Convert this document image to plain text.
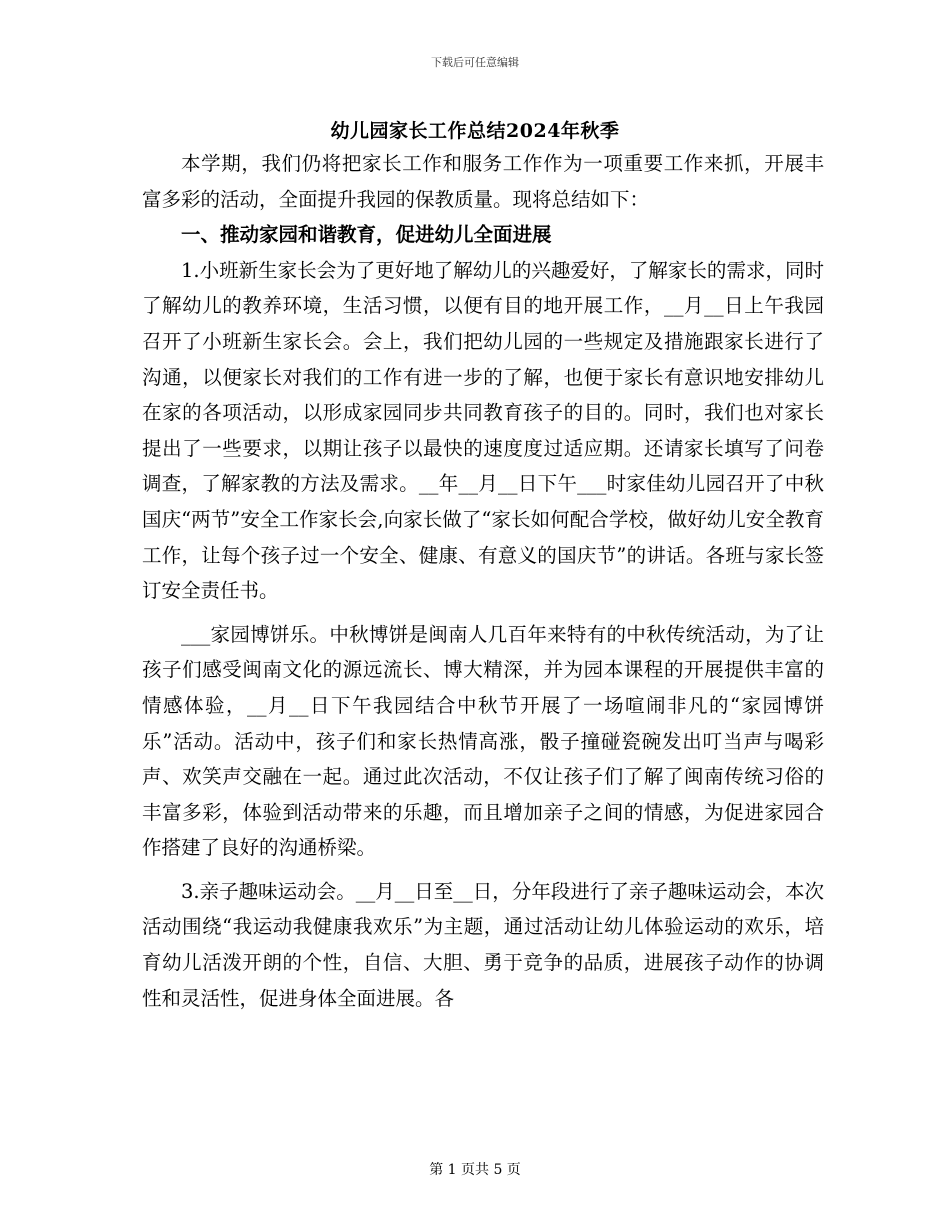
下载后可任意编辑
幼儿园家长工作总结2024年秋季

本学期，我们仍将把家长工作和服务工作作为一项重要工作来抓，开展丰富多彩的活动，全面提升我园的保教质量。现将总结如下：

一、推动家园和谐教育，促进幼儿全面进展

1.小班新生家长会为了更好地了解幼儿的兴趣爱好，了解家长的需求，同时了解幼儿的教养环境，生活习惯，以便有目的地开展工作，__月__日上午我园召开了小班新生家长会。会上，我们把幼儿园的一些规定及措施跟家长进行了沟通，以便家长对我们的工作有进一步的了解，也便于家长有意识地安排幼儿在家的各项活动，以形成家园同步共同教育孩子的目的。同时，我们也对家长提出了一些要求，以期让孩子以最快的速度度过适应期。还请家长填写了问卷调查，了解家教的方法及需求。__年__月__日下午___时家佳幼儿园召开了中秋国庆“两节”安全工作家长会,向家长做了“家长如何配合学校，做好幼儿安全教育工作，让每个孩子过一个安全、健康、有意义的国庆节”的讲话。各班与家长签订安全责任书。

___家园博饼乐。中秋博饼是闽南人几百年来特有的中秋传统活动，为了让孩子们感受闽南文化的源远流长、博大精深，并为园本课程的开展提供丰富的情感体验，__月__日下午我园结合中秋节开展了一场喧闹非凡的“家园博饼乐”活动。活动中，孩子们和家长热情高涨，骰子撞碰瓷碗发出叮当声与喝彩声、欢笑声交融在一起。通过此次活动，不仅让孩子们了解了闽南传统习俗的丰富多彩，体验到活动带来的乐趣，而且增加亲子之间的情感，为促进家园合作搭建了良好的沟通桥梁。

3.亲子趣味运动会。__月__日至__日，分年段进行了亲子趣味运动会，本次活动围绕“我运动我健康我欢乐”为主题，通过活动让幼儿体验运动的欢乐，培育幼儿活泼开朗的个性，自信、大胆、勇于竞争的品质，进展孩子动作的协调性和灵活性，促进身体全面进展。各

第 1 页共 5 页
